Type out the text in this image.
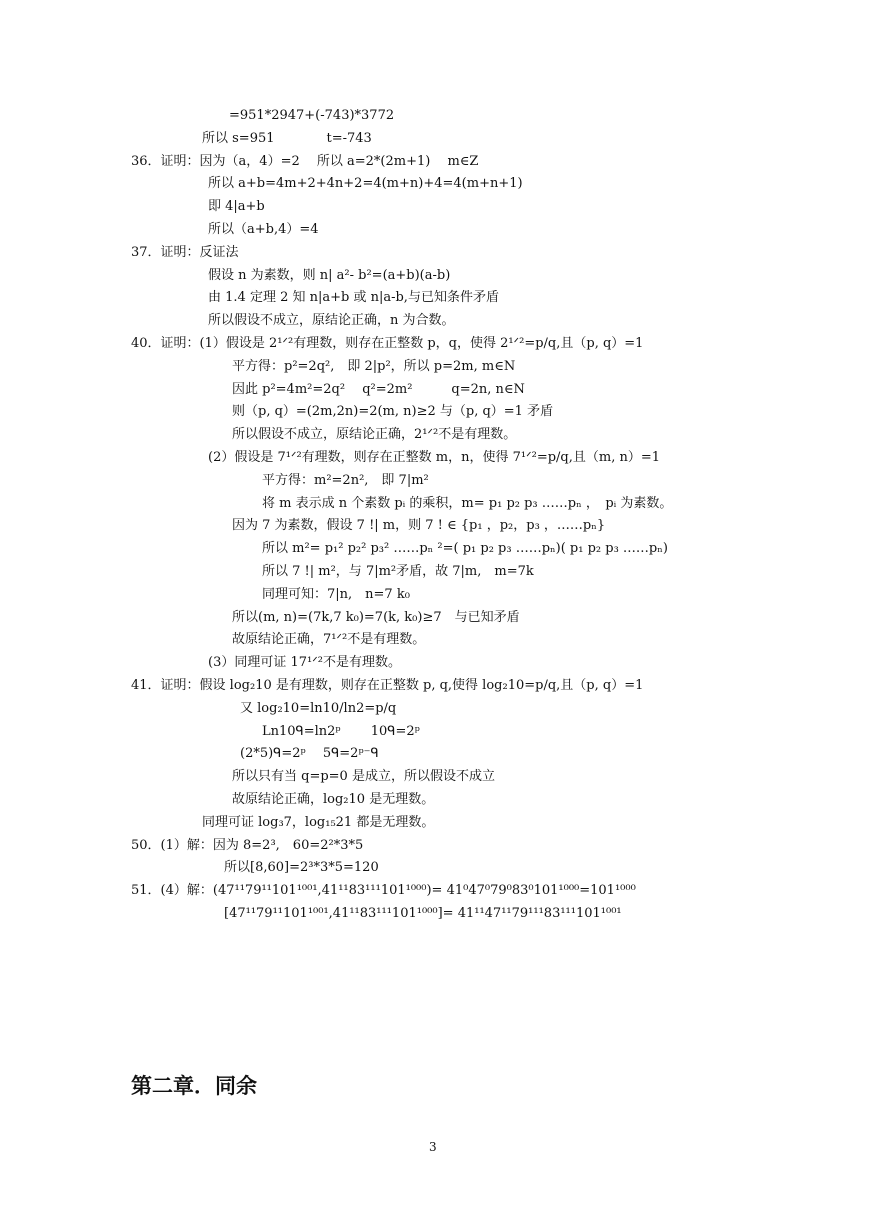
=951*2947+(-743)*3772
所以 s=951　　　　t=-743
36．证明：因为（a，4）=2　 所以 a=2*(2m+1)　 m∈Z
所以 a+b=4m+2+4n+2=4(m+n)+4=4(m+n+1)
即 4|a+b
所以（a+b,4）=4
37．证明：反证法
假设 n 为素数，则 n| a²- b²=(a+b)(a-b)
由 1.4 定理 2 知 n|a+b 或 n|a-b,与已知条件矛盾
所以假设不成立，原结论正确，n 为合数。
40．证明：(1）假设是 2¹ᐟ²有理数，则存在正整数 p，q，使得 2¹ᐟ²=p/q,且（p, q）=1
平方得：p²=2q²,　即 2|p²，所以 p=2m, m∈N
因此 p²=4m²=2q²　 q²=2m²　　　q=2n, n∈N
则（p, q）=(2m,2n)=2(m, n)≥2 与（p, q）=1 矛盾
所以假设不成立，原结论正确，2¹ᐟ²不是有理数。
(2）假设是 7¹ᐟ²有理数，则存在正整数 m，n，使得 7¹ᐟ²=p/q,且（m, n）=1
平方得：m²=2n²,　即 7|m²
将 m 表示成 n 个素数 pᵢ 的乘积，m= p₁ p₂ p₃ ……pₙ ，　pᵢ 为素数。
因为 7 为素数，假设 7 !| m，则 7 ! ∈ {p₁ ，p₂，p₃ ，……pₙ}
所以 m²= p₁² p₂² p₃² ……pₙ ²=( p₁ p₂ p₃ ……pₙ)( p₁ p₂ p₃ ……pₙ)
所以 7 !| m²，与 7|m²矛盾，故 7|m,　m=7k
同理可知：7|n,　n=7 k₀
所以(m, n)=(7k,7 k₀)=7(k, k₀)≥7　与已知矛盾
故原结论正确，7¹ᐟ²不是有理数。
(3）同理可证 17¹ᐟ²不是有理数。
41．证明：假设 log₂10 是有理数，则存在正整数 p, q,使得 log₂10=p/q,且（p, q）=1
又 log₂10=ln10/ln2=p/q
Ln10ᑫ=ln2ᵖ　　 10ᑫ=2ᵖ
(2*5)ᑫ=2ᵖ　 5ᑫ=2ᵖ⁻ᑫ
所以只有当 q=p=0 是成立，所以假设不成立
故原结论正确，log₂10 是无理数。
同理可证 log₃7，log₁₅21 都是无理数。
50．(1）解：因为 8=2³,　60=2²*3*5
所以[8,60]=2³*3*5=120
51．(4）解：(47¹¹79¹¹101¹⁰⁰¹,41¹¹83¹¹¹101¹⁰⁰⁰)= 41⁰47⁰79⁰83⁰101¹⁰⁰⁰=101¹⁰⁰⁰
[47¹¹79¹¹101¹⁰⁰¹,41¹¹83¹¹¹101¹⁰⁰⁰]= 41¹¹47¹¹79¹¹¹83¹¹¹101¹⁰⁰¹
第二章．同余
3
